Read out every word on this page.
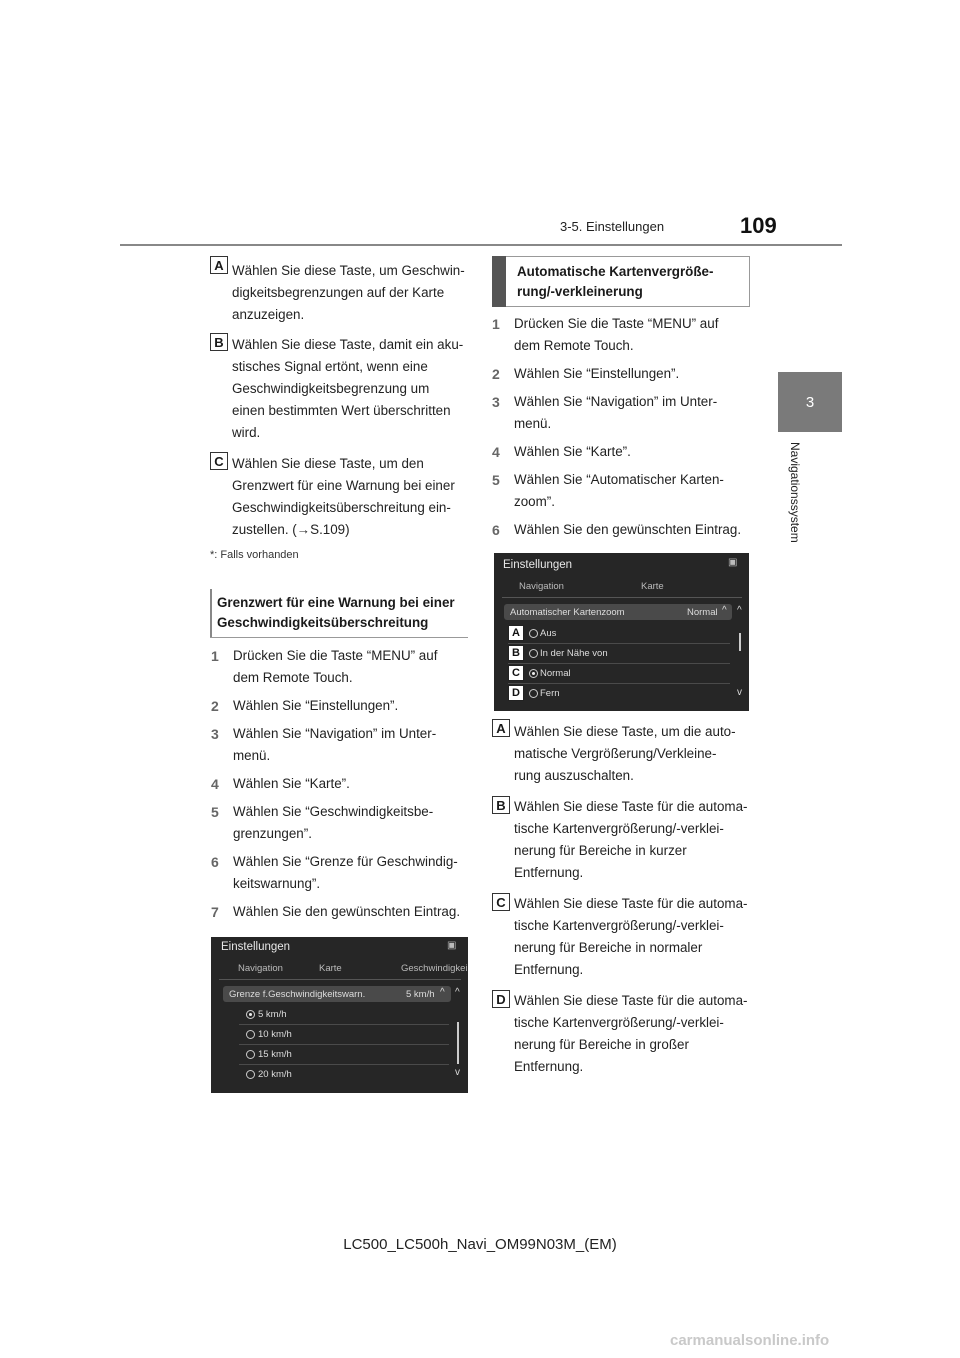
3-5. Einstellungen	109
3
Navigationssystem
A Wählen Sie diese Taste, um Geschwin-
digkeitsbegrenzungen auf der Karte
anzuzeigen.
B Wählen Sie diese Taste, damit ein aku-
stisches Signal ertönt, wenn eine
Geschwindigkeitsbegrenzung um
einen bestimmten Wert überschritten
wird.
C Wählen Sie diese Taste, um den
Grenzwert für eine Warnung bei einer
Geschwindigkeitsüberschreitung ein-
zustellen. (→S.109)
*: Falls vorhanden
Grenzwert für eine Warnung bei einer
Geschwindigkeitsüberschreitung
1 Drücken Sie die Taste “MENU” auf
dem Remote Touch.
2 Wählen Sie “Einstellungen”.
3 Wählen Sie “Navigation” im Unter-
menü.
4 Wählen Sie “Karte”.
5 Wählen Sie “Geschwindigkeitsbe-
grenzungen”.
6 Wählen Sie “Grenze für Geschwindig-
keitswarnung”.
7 Wählen Sie den gewünschten Eintrag.
Einstellungen	▣
Navigation	Karte	Geschwindigkei
Grenze f.Geschwindigkeitswarn.	5 km/h ^ ^
5 km/h
10 km/h
15 km/h
20 km/h	v
Automatische Kartenvergröße-
rung/-verkleinerung
1 Drücken Sie die Taste “MENU” auf
dem Remote Touch.
2 Wählen Sie “Einstellungen”.
3 Wählen Sie “Navigation” im Unter-
menü.
4 Wählen Sie “Karte”.
5 Wählen Sie “Automatischer Karten-
zoom”.
6 Wählen Sie den gewünschten Eintrag.
Einstellungen	▣
Navigation	Karte
Automatischer Kartenzoom	Normal ^ ^
Aus
In der Nähe von
Normal
Fern	v
A
B
C
D
A Wählen Sie diese Taste, um die auto-
matische Vergrößerung/Verkleine-
rung auszuschalten.
B Wählen Sie diese Taste für die automa-
tische Kartenvergrößerung/-verklei-
nerung für Bereiche in kurzer
Entfernung.
C Wählen Sie diese Taste für die automa-
tische Kartenvergrößerung/-verklei-
nerung für Bereiche in normaler
Entfernung.
D Wählen Sie diese Taste für die automa-
tische Kartenvergrößerung/-verklei-
nerung für Bereiche in großer
Entfernung.
LC500_LC500h_Navi_OM99N03M_(EM)
carmanualsonline.info
